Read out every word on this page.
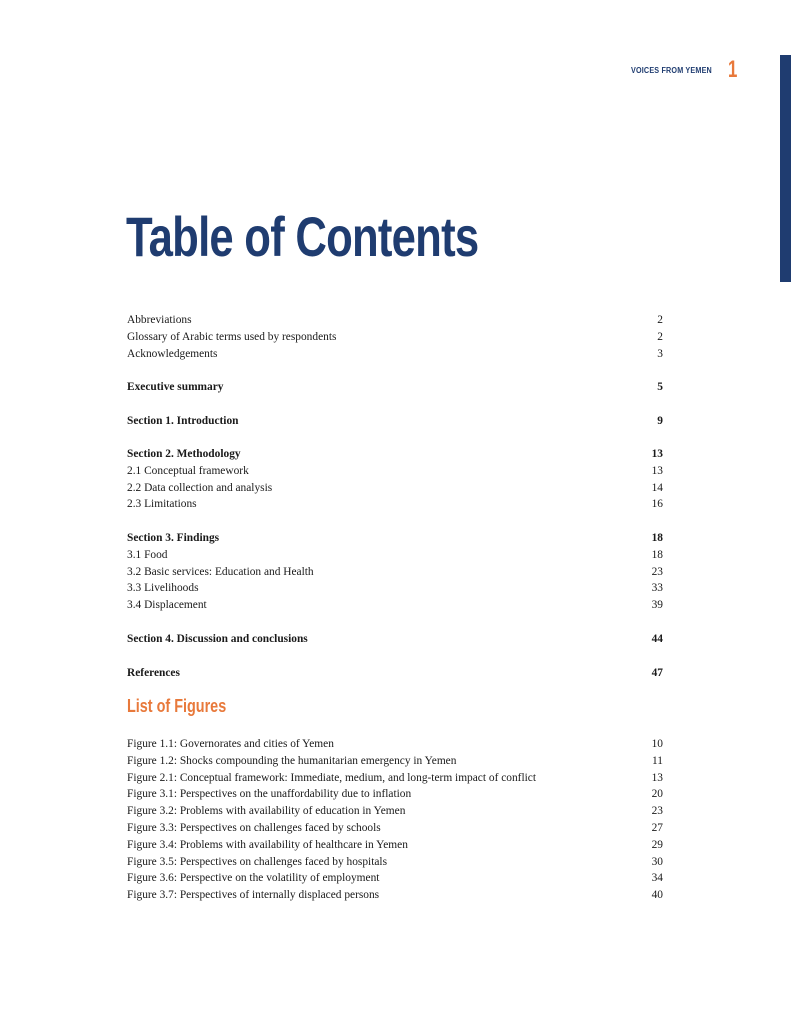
VOICES FROM YEMEN 1
Table of Contents
Abbreviations	2
Glossary of Arabic terms used by respondents	2
Acknowledgements	3
Executive summary	5
Section 1. Introduction	9
Section 2. Methodology	13
2.1 Conceptual framework	13
2.2 Data collection and analysis	14
2.3 Limitations	16
Section 3. Findings	18
3.1 Food	18
3.2 Basic services: Education and Health	23
3.3 Livelihoods	33
3.4 Displacement	39
Section 4. Discussion and conclusions	44
References	47
List of Figures
Figure 1.1: Governorates and cities of Yemen	10
Figure 1.2: Shocks compounding the humanitarian emergency in Yemen	11
Figure 2.1: Conceptual framework: Immediate, medium, and long-term impact of conflict	13
Figure 3.1: Perspectives on the unaffordability due to inflation	20
Figure 3.2: Problems with availability of education in Yemen	23
Figure 3.3: Perspectives on challenges faced by schools	27
Figure 3.4: Problems with availability of healthcare in Yemen	29
Figure 3.5: Perspectives on challenges faced by hospitals	30
Figure 3.6: Perspective on the volatility of employment	34
Figure 3.7: Perspectives of internally displaced persons	40
